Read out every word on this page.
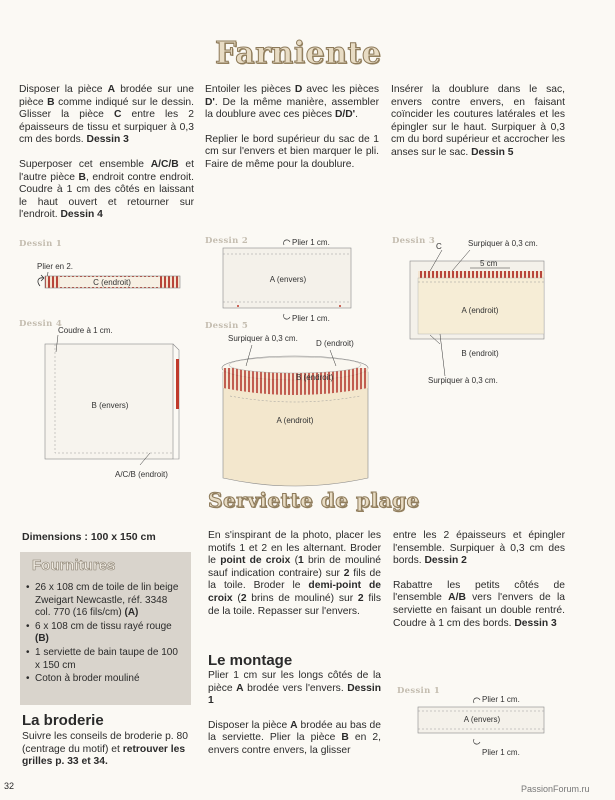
Farniente

Disposer la pièce A brodée sur une pièce B comme indiqué sur le dessin. Glisser la pièce C entre les 2 épaisseurs de tissu et surpiquer à 0,3 cm des bords. Dessin 3

Superposer cet ensemble A/C/B et l'autre pièce B, endroit contre endroit. Coudre à 1 cm des côtés en laissant le haut ouvert et retourner sur l'endroit. Dessin 4

Entoiler les pièces D avec les pièces D'. De la même manière, assembler la doublure avec ces pièces D/D'.

Replier le bord supérieur du sac de 1 cm sur l'envers et bien marquer le pli. Faire de même pour la doublure.

Insérer la doublure dans le sac, envers contre envers, en faisant coïncider les coutures latérales et les épingler sur le haut. Surpiquer à 0,3 cm du bord supérieur et accrocher les anses sur le sac. Dessin 5

Dessin 1	Dessin 2	Dessin 3
Dessin 4	Dessin 5
Dessin 1
Plier en 2.
C (endroit)
Plier 1 cm.
A (envers)
Plier 1 cm.
C	Surpiquer à 0,3 cm.
5 cm
A (endroit)
B (endroit)
Surpiquer à 0,3 cm.
Coudre à 1 cm.
B (envers)
A/C/B (endroit)
Surpiquer à 0,3 cm.
D (endroit)
B (endroit)
A (endroit)
Plier 1 cm.
A (envers)
Plier 1 cm.
Serviette de plage
Dimensions : 100 x 150 cm
Fournitures
• 26 x 108 cm de toile de lin beige Zweigart Newcastle, réf. 3348 col. 770 (16 fils/cm) (A)
• 6 x 108 cm de tissu rayé rouge (B)
• 1 serviette de bain taupe de 100 x 150 cm
• Coton à broder mouliné
La broderie
Suivre les conseils de broderie p. 80 (centrage du motif) et retrouver les grilles p. 33 et 34.

En s'inspirant de la photo, placer les motifs 1 et 2 en les alternant. Broder le point de croix (1 brin de mouliné sauf indication contraire) sur 2 fils de la toile. Broder le demi-point de croix (2 brins de mouliné) sur 2 fils de la toile. Repasser sur l'envers.

Le montage

Plier 1 cm sur les longs côtés de la pièce A brodée vers l'envers. Dessin 1

Disposer la pièce A brodée au bas de la serviette. Plier la pièce B en 2, envers contre envers, la glisser

entre les 2 épaisseurs et épingler l'ensemble. Surpiquer à 0,3 cm des bords. Dessin 2

Rabattre les petits côtés de l'ensemble A/B vers l'envers de la serviette en faisant un double rentré. Coudre à 1 cm des bords. Dessin 3

32	PassionForum.ru
